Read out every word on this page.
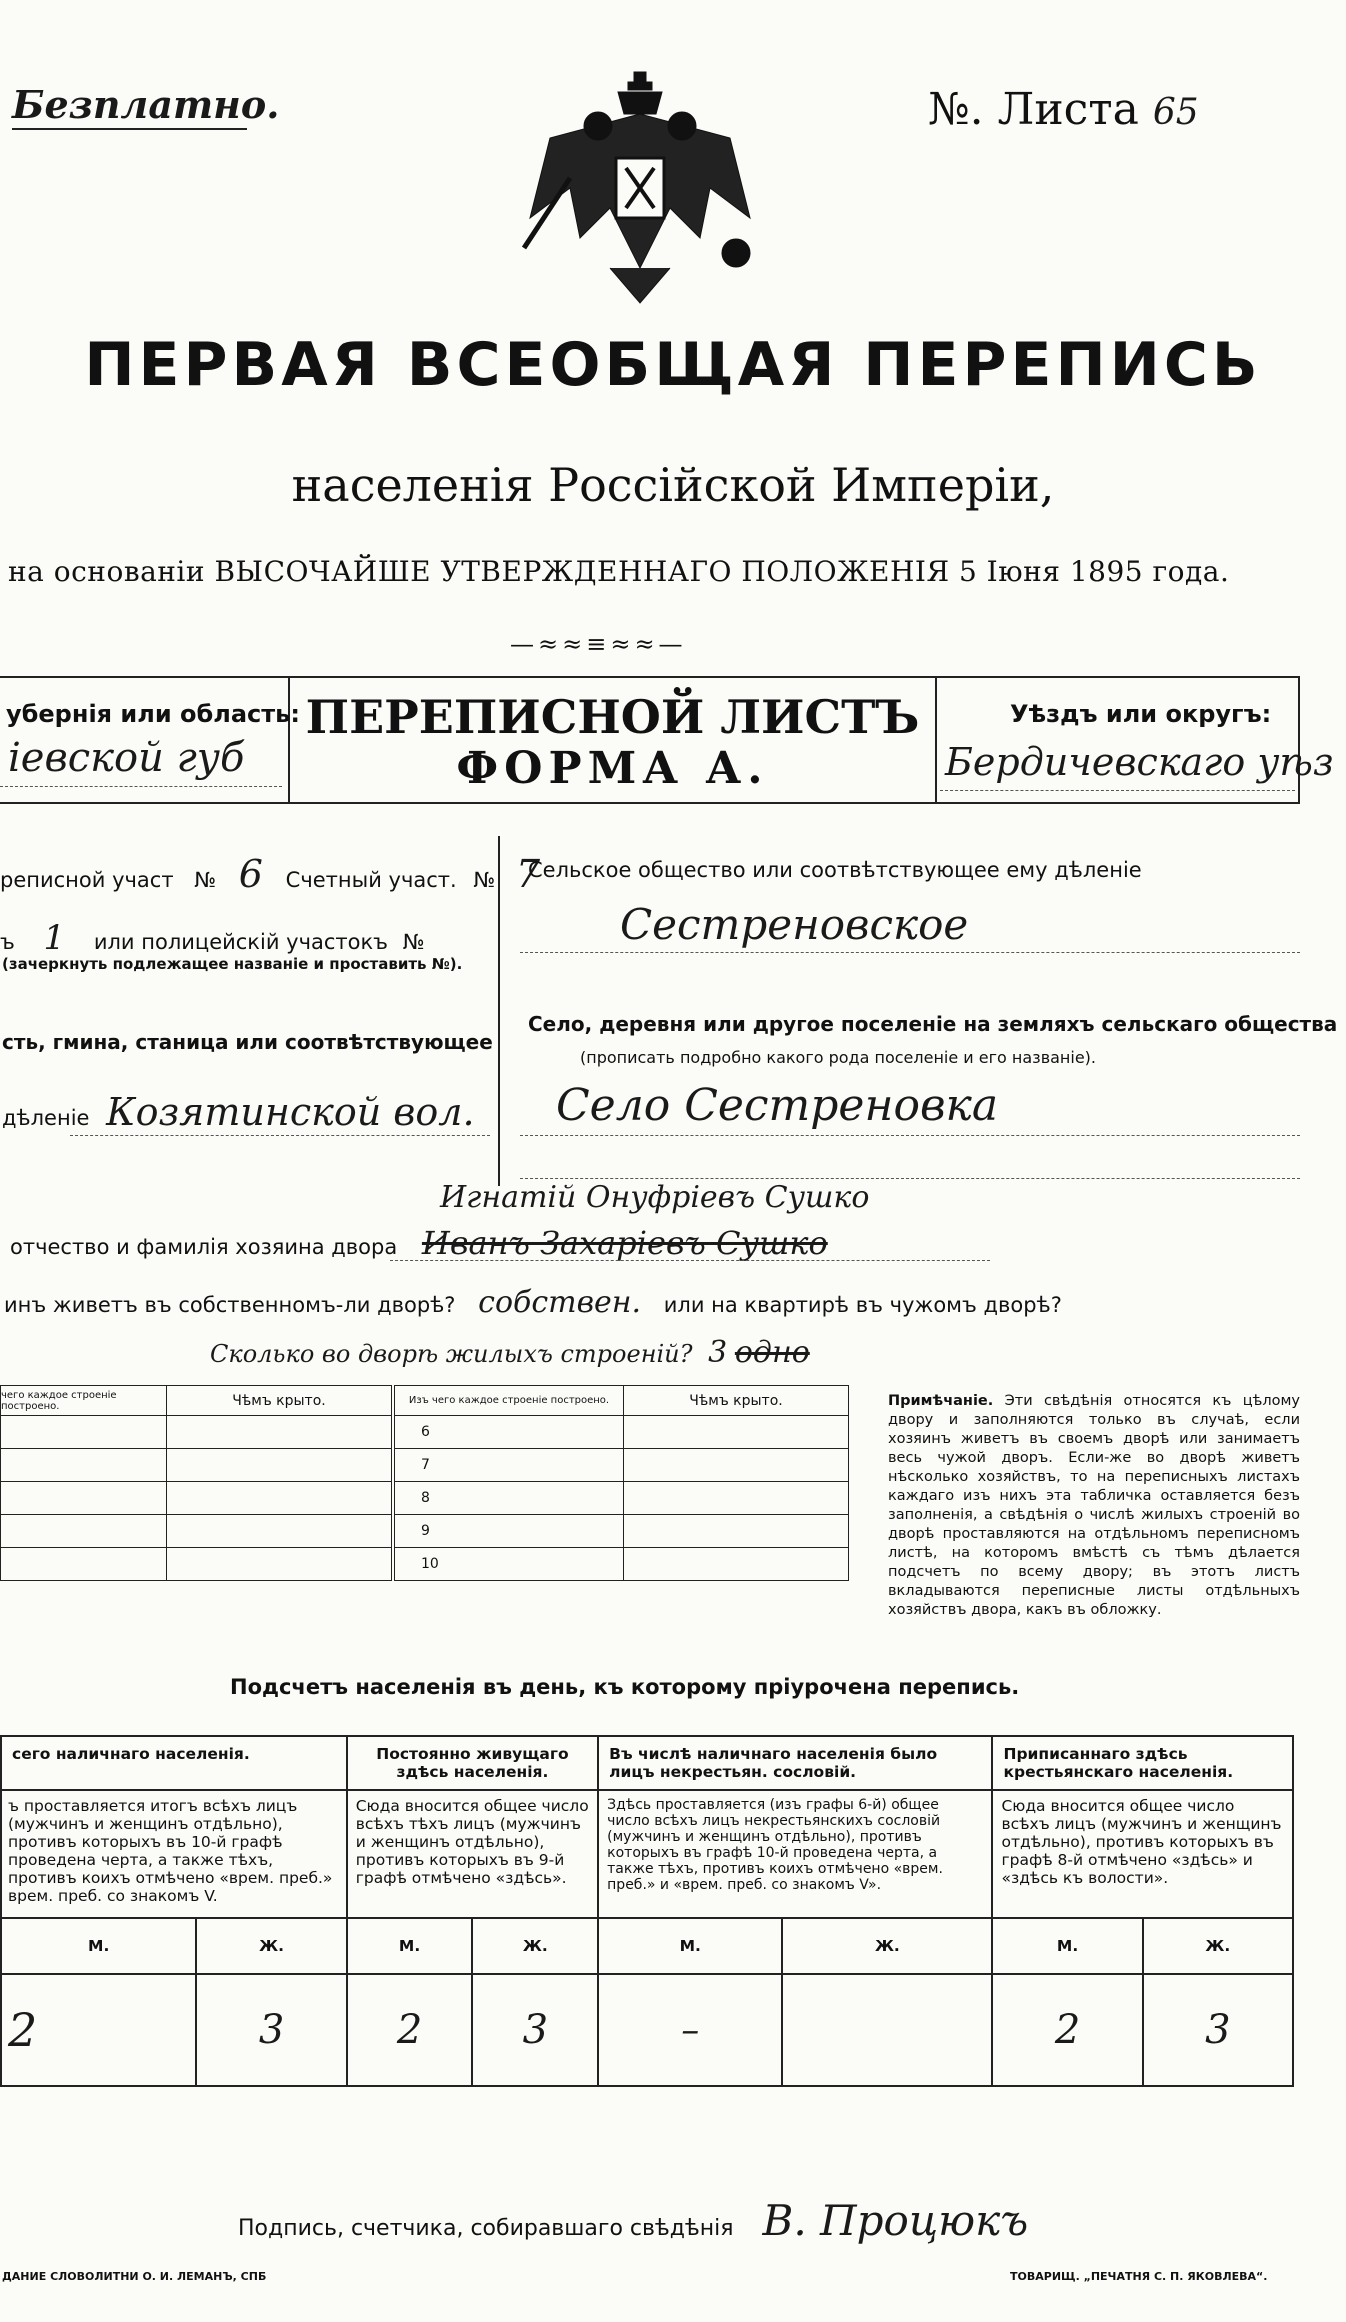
Безплатно.	№. Листа 65
ПЕРВАЯ ВСЕОБЩАЯ ПЕРЕПИСЬ
населенія Россійской Имперіи,
на основаніи ВЫСОЧАЙШЕ УТВЕРЖДЕННАГО ПОЛОЖЕНІЯ 5 Іюня 1895 года.
—≈≈≡≈≈—
убернія или область:
іевской губ
ПЕРЕПИСНОЙ ЛИСТЪ
ФОРМА А.
Уѣздъ или округъ:
Бердичевскаго уѣз
реписной участ № 6 Счетный участ. № 7
ъ 1 или полицейскій участокъ №
(зачеркнуть подлежащее названіе и проставить №).
сть, гмина, станица или соотвѣтствующее
дѣленіе Козятинской вол.
Сельское общество или соотвѣтствующее ему дѣленіе
Сестреновское
Село, деревня или другое поселеніе на земляхъ сельскаго общества
(прописать подробно какого рода поселеніе и его названіе).
Село Сестреновка
Игнатій Онуфріевъ Сушко
отчество и фамилія хозяина двора Иванъ Захаріевъ Сушко
инъ живетъ въ собственномъ-ли дворѣ? собствен. или на квартирѣ въ чужомъ дворѣ?
Сколько во дворѣ жилыхъ строеній? 3 одно
чего каждое строеніе построено.	Чѣмъ крыто.

		Изъ чего каждое строеніе построено.	Чѣмъ крыто.
6	
7	
8	
9	
10	
Примѣчаніе. Эти свѣдѣнія относятся къ цѣлому двору и заполняются только въ случаѣ, если хозяинъ живетъ въ своемъ дворѣ или занимаетъ весь чужой дворъ. Если-же во дворѣ живетъ нѣсколько хозяйствъ, то на переписныхъ листахъ каждаго изъ нихъ эта табличка оставляется безъ заполненія, а свѣдѣнія о числѣ жилыхъ строеній во дворѣ проставляются на отдѣльномъ переписномъ листѣ, на которомъ вмѣстѣ съ тѣмъ дѣлается подсчетъ по всему двору; въ этотъ листъ вкладываются переписные листы отдѣльныхъ хозяйствъ двора, какъ въ обложку.
Подсчетъ населенія въ день, къ которому пріурочена перепись.
сего наличнаго населенія.		Постоянно живущаго здѣсь населенія.		Въ числѣ наличнаго населенія было лицъ некрестьян. сословій.		Приписаннаго здѣсь крестьянскаго населенія.	
ъ проставляется итогъ всѣхъ лицъ (мужчинъ и женщинъ отдѣльно), противъ которыхъ въ 10-й графѣ проведена черта, а также тѣхъ, противъ коихъ отмѣчено «врем. преб.» врем. преб. со знакомъ V.		Сюда вносится общее число всѣхъ тѣхъ лицъ (мужчинъ и женщинъ отдѣльно), противъ которыхъ въ 9-й графѣ отмѣчено «здѣсь».		Здѣсь проставляется (изъ графы 6-й) общее число всѣхъ лицъ некрестьянскихъ сословій (мужчинъ и женщинъ отдѣльно), противъ которыхъ въ графѣ 10-й проведена черта, а также тѣхъ, противъ коихъ отмѣчено «врем. преб.» и «врем. преб. со знакомъ V».		Сюда вносится общее число всѣхъ лицъ (мужчинъ и женщинъ отдѣльно), противъ которыхъ въ графѣ 8-й отмѣчено «здѣсь» и «здѣсь къ волости».	
М.	Ж.	М.	Ж.	М.	Ж.	М.	Ж.
2	3	2	3	–		2	3
Подпись, счетчика, собиравшаго свѣдѣнія В. Процюкъ
ДАНИЕ СЛОВОЛИТНИ О. И. ЛЕМАНЪ, СПБ	ТОВАРИЩ. „ПЕЧАТНЯ С. П. ЯКОВЛЕВА“.
